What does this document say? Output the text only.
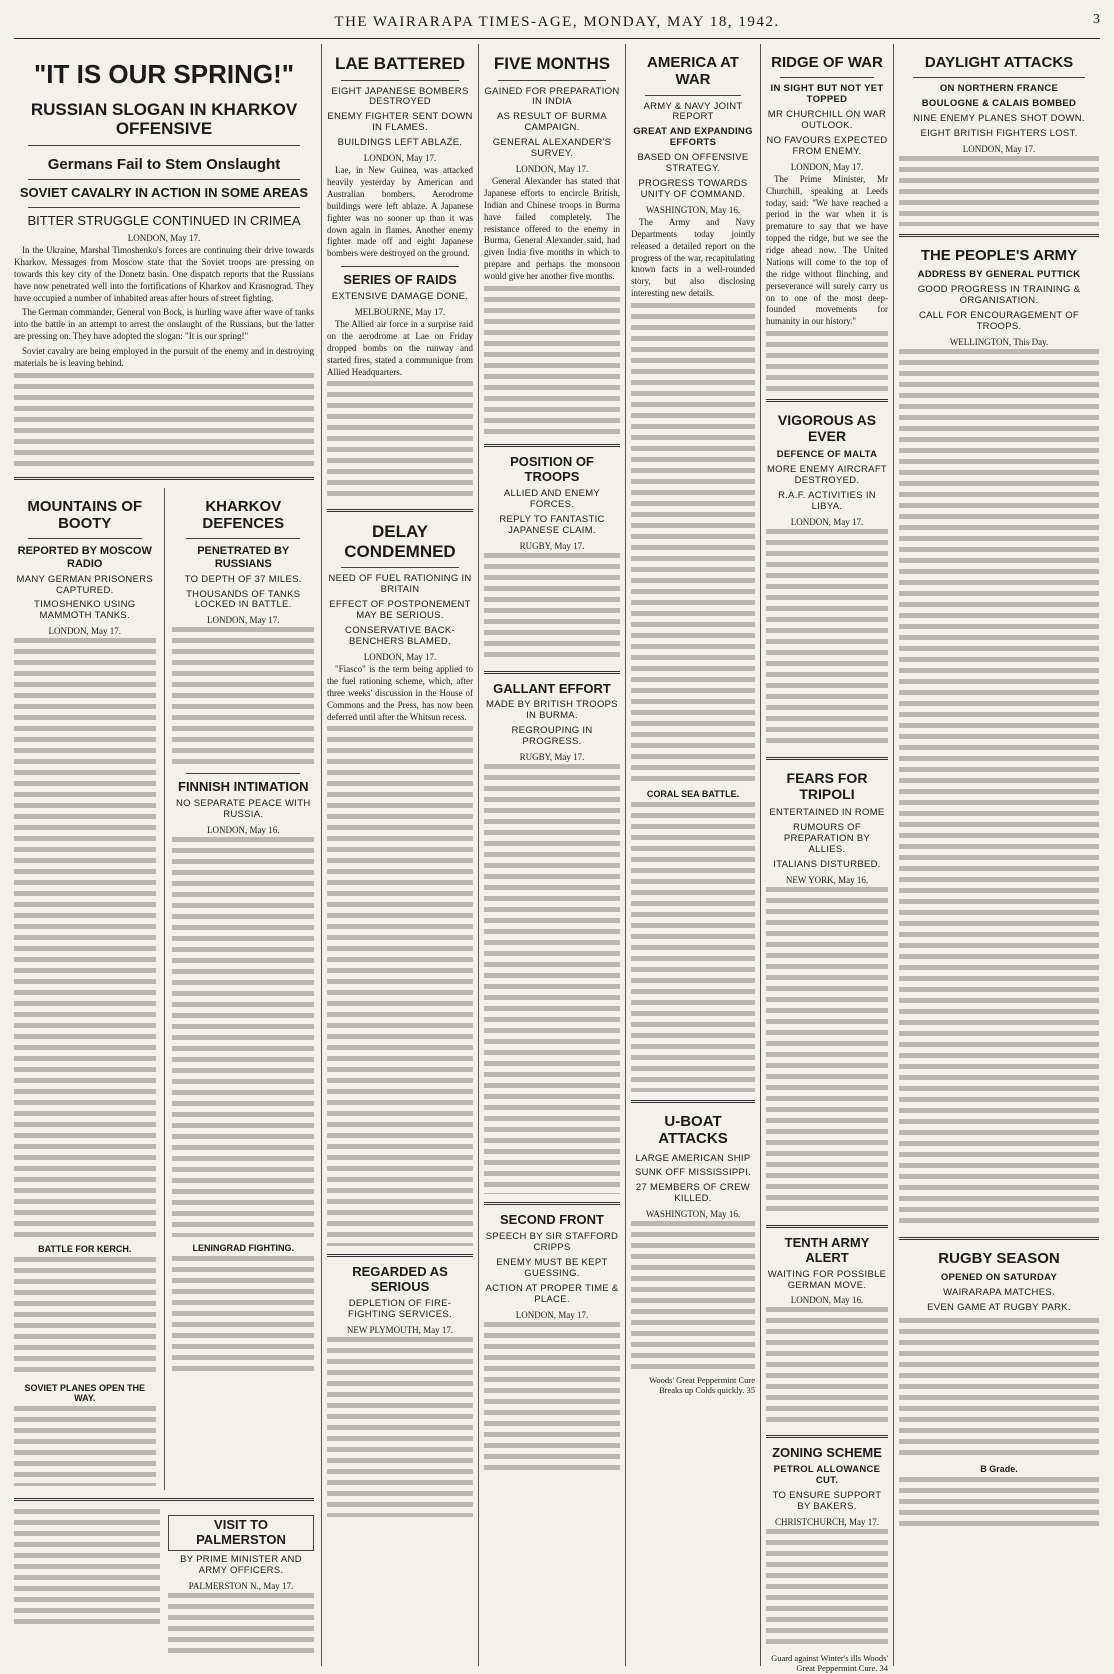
THE WAIRARAPA TIMES-AGE, MONDAY, MAY 18, 1942.	3
"IT IS OUR SPRING!"
RUSSIAN SLOGAN IN KHARKOV OFFENSIVE
Germans Fail to Stem Onslaught
SOVIET CAVALRY IN ACTION IN SOME AREAS
BITTER STRUGGLE CONTINUED IN CRIMEA
LONDON, May 17.

In the Ukraine, Marshal Timoshenko's forces are continuing their drive towards Kharkov. Messages from Moscow state that the Soviet troops are pressing on towards this key city of the Donetz basin. One dispatch reports that the Russians have now penetrated well into the fortifications of Kharkov and Krasnograd. They have occupied a number of inhabited areas after hours of street fighting.

The German commander, General von Bock, is hurling wave after wave of tanks into the battle in an attempt to arrest the onslaught of the Russians, but the latter are pressing on. They have adopted the slogan: "It is our spring!"

Soviet cavalry are being employed in the pursuit of the enemy and in destroying materials he is leaving behind.

MOUNTAINS OF BOOTY
REPORTED BY MOSCOW RADIO
MANY GERMAN PRISONERS CAPTURED.
TIMOSHENKO USING MAMMOTH TANKS.
LONDON, May 17.
BATTLE FOR KERCH.
SOVIET PLANES OPEN THE WAY.
KHARKOV DEFENCES
PENETRATED BY RUSSIANS
TO DEPTH OF 37 MILES.
THOUSANDS OF TANKS LOCKED IN BATTLE.
LONDON, May 17.
FINNISH INTIMATION
NO SEPARATE PEACE WITH RUSSIA.
LONDON, May 16.
LENINGRAD FIGHTING.
VISIT TO PALMERSTON
BY PRIME MINISTER AND ARMY OFFICERS.
PALMERSTON N., May 17.
LAE BATTERED
EIGHT JAPANESE BOMBERS DESTROYED
ENEMY FIGHTER SENT DOWN IN FLAMES.
BUILDINGS LEFT ABLAZE.
LONDON, May 17.

Lae, in New Guinea, was attacked heavily yesterday by American and Australian bombers. Aerodrome buildings were left ablaze. A Japanese fighter was no sooner up than it was down again in flames. Another enemy fighter made off and eight Japanese bombers were destroyed on the ground.

SERIES OF RAIDS
EXTENSIVE DAMAGE DONE.
MELBOURNE, May 17.

The Allied air force in a surprise raid on the aerodrome at Lae on Friday dropped bombs on the runway and started fires, stated a communique from Allied Headquarters.

DELAY CONDEMNED
NEED OF FUEL RATIONING IN BRITAIN
EFFECT OF POSTPONEMENT MAY BE SERIOUS.
CONSERVATIVE BACK-BENCHERS BLAMED.
LONDON, May 17.

"Fiasco" is the term being applied to the fuel rationing scheme, which, after three weeks' discussion in the House of Commons and the Press, has now been deferred until after the Whitsun recess.

REGARDED AS SERIOUS
DEPLETION OF FIRE-FIGHTING SERVICES.
NEW PLYMOUTH, May 17.
FIVE MONTHS
GAINED FOR PREPARATION IN INDIA
AS RESULT OF BURMA CAMPAIGN.
GENERAL ALEXANDER'S SURVEY.
LONDON, May 17.

General Alexander has stated that Japanese efforts to encircle British, Indian and Chinese troops in Burma have failed completely. The resistance offered to the enemy in Burma, General Alexander said, had given India five months in which to prepare and perhaps the monsoon would give her another five months.

POSITION OF TROOPS
ALLIED AND ENEMY FORCES.
REPLY TO FANTASTIC JAPANESE CLAIM.
RUGBY, May 17.
GALLANT EFFORT
MADE BY BRITISH TROOPS IN BURMA.
REGROUPING IN PROGRESS.
RUGBY, May 17.
SECOND FRONT
SPEECH BY SIR STAFFORD CRIPPS
ENEMY MUST BE KEPT GUESSING.
ACTION AT PROPER TIME & PLACE.
LONDON, May 17.
AMERICA AT WAR
ARMY & NAVY JOINT REPORT
GREAT AND EXPANDING EFFORTS
BASED ON OFFENSIVE STRATEGY.
PROGRESS TOWARDS UNITY OF COMMAND.
WASHINGTON, May 16.

The Army and Navy Departments today jointly released a detailed report on the progress of the war, recapitulating known facts in a well-rounded story, but also disclosing interesting new details.

CORAL SEA BATTLE.
U-BOAT ATTACKS
LARGE AMERICAN SHIP
SUNK OFF MISSISSIPPI.
27 MEMBERS OF CREW KILLED.
WASHINGTON, May 16.
Woods' Great Peppermint Cure Breaks up Colds quickly. 35
RIDGE OF WAR
IN SIGHT BUT NOT YET TOPPED
MR CHURCHILL ON WAR OUTLOOK.
NO FAVOURS EXPECTED FROM ENEMY.
LONDON, May 17.

The Prime Minister, Mr Churchill, speaking at Leeds today, said: "We have reached a period in the war when it is premature to say that we have topped the ridge, but we see the ridge ahead now. The United Nations will come to the top of the ridge without flinching, and perseverance will surely carry us on to one of the most deep-founded movements for humanity in our history."

VIGOROUS AS EVER
DEFENCE OF MALTA
MORE ENEMY AIRCRAFT DESTROYED.
R.A.F. ACTIVITIES IN LIBYA.
LONDON, May 17.
FEARS FOR TRIPOLI
ENTERTAINED IN ROME
RUMOURS OF PREPARATION BY ALLIES.
ITALIANS DISTURBED.
NEW YORK, May 16.
TENTH ARMY ALERT
WAITING FOR POSSIBLE GERMAN MOVE.
LONDON, May 16.
ZONING SCHEME
PETROL ALLOWANCE CUT.
TO ENSURE SUPPORT BY BAKERS.
CHRISTCHURCH, May 17.
Guard against Winter's ills Woods' Great Peppermint Cure. 34
DAYLIGHT ATTACKS
ON NORTHERN FRANCE
BOULOGNE & CALAIS BOMBED
NINE ENEMY PLANES SHOT DOWN.
EIGHT BRITISH FIGHTERS LOST.
LONDON, May 17.
THE PEOPLE'S ARMY
ADDRESS BY GENERAL PUTTICK
GOOD PROGRESS IN TRAINING & ORGANISATION.
CALL FOR ENCOURAGEMENT OF TROOPS.
WELLINGTON, This Day.
RUGBY SEASON
OPENED ON SATURDAY
WAIRARAPA MATCHES.
EVEN GAME AT RUGBY PARK.
B Grade.
